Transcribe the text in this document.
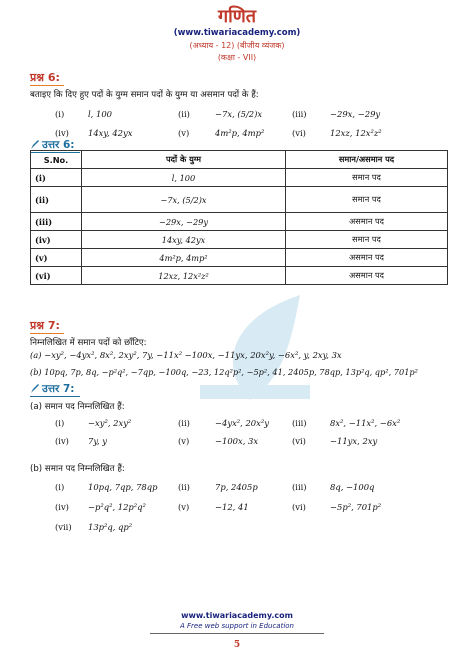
गणित
(www.tiwariacademy.com)
(अध्याय - 12) (बीजीय व्यंजक)
(कक्षा - VII)
प्रश्न 6:
बताइए कि दिए हुए पदों के युग्म समान पदों के युग्म या असमान पदों के हैं:
(i)	l, 100	(ii)	−7x, (5/2)x	(iii)	−29x, −29y
(iv) 14xy, 42yx	(v)	4m²p, 4mp²	(vi)	12xz, 12x²z²
उत्तर 6:
S.No.	पदों के युग्म	समान/असमान पद
(i)	l, 100	समान पद
(ii)	−7x, (5/2)x	समान पद
(iii)	−29x, −29y	असमान पद
(iv)	14xy, 42yx	समान पद
(v)	4m²p, 4mp²	असमान पद
(vi)	12xz, 12x²z²	असमान पद
प्रश्न 7:
निम्नलिखित में समान पदों को छाँटिए:
(a) −xy², −4yx², 8x², 2xy², 7y, −11x² −100x, −11yx, 20x²y, −6x², y, 2xy, 3x
(b) 10pq, 7p, 8q, −p²q², −7qp, −100q, −23, 12q²p², −5p², 41, 2405p, 78qp, 13p²q, qp², 701p²
उत्तर 7:
(a) समान पद निम्नलिखित हैं:
(i)	−xy², 2xy²	(ii)	−4yx², 20x²y	(iii)	8x², −11x², −6x²
(iv) 7y, y	(v)	−100x, 3x	(vi)	−11yx, 2xy
(b) समान पद निम्नलिखित हैं:
(i)	10pq, 7qp, 78qp (ii)	7p, 2405p	(iii)	8q, −100q
(iv) −p²q², 12p²q²	(v)	−12, 41	(vi)	−5p², 701p²
(vii) 13p²q, qp²
www.tiwariacademy.com
A Free web support in Education
5
